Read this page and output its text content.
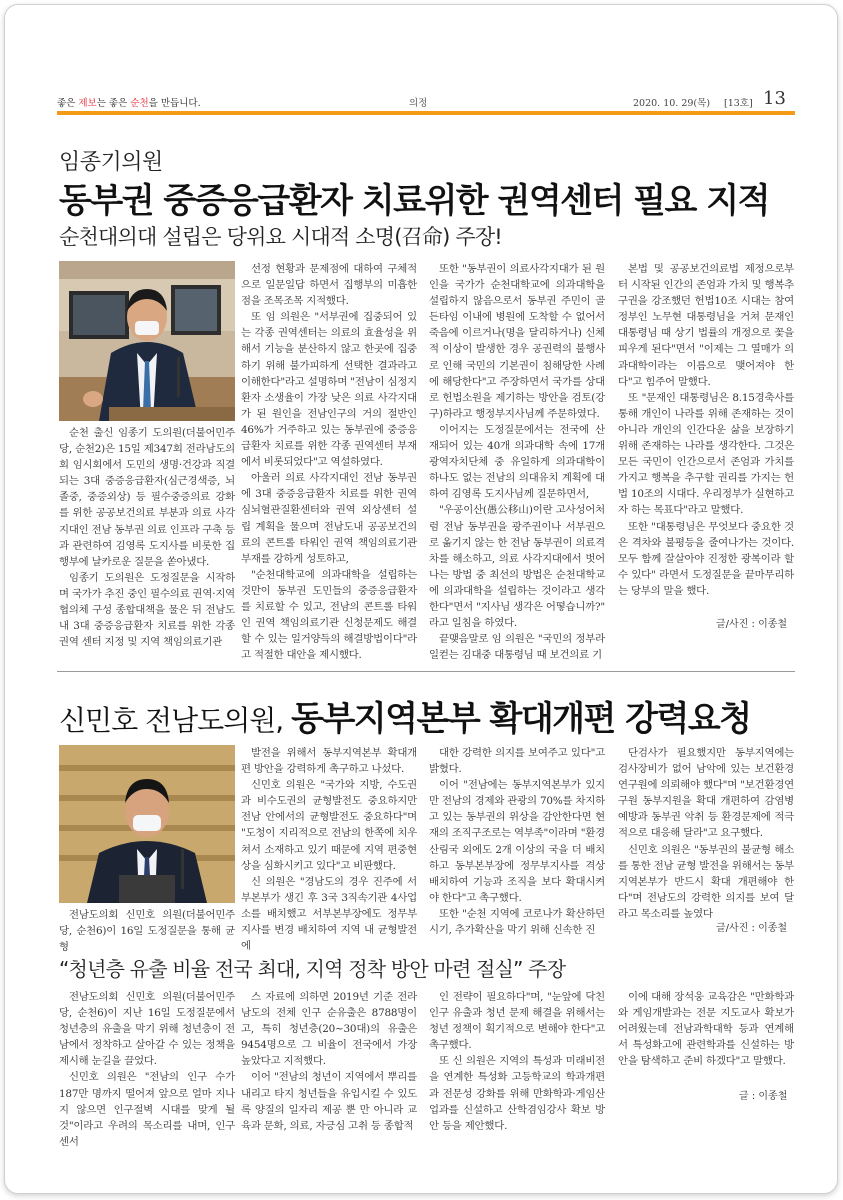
좋은 제보는 좋은 순천을 만듭니다.	의정	2020. 10. 29(목) [13호] 13
임종기의원
동부권 중증응급환자 치료위한 권역센터 필요 지적
순천대의대 설립은 당위요 시대적 소명(召命) 주장!

순천 출신 임종기 도의원(더불어민주당, 순천2)은 15일 제347회 전라남도의회 임시회에서 도민의 생명·건강과 직결되는 3대 중증응급환자(심근경색증, 뇌졸중, 중증외상) 등 필수중증의료 강화를 위한 공공보건의료 부분과 의료 사각지대인 전남 동부권 의료 인프라 구축 등과 관련하여 김영록 도지사를 비롯한 집행부에 날카로운 질문을 쏟아냈다.

임종기 도의원은 도정질문을 시작하며 국가가 추진 중인 필수의료 권역·지역 협의체 구성 종합대책을 물은 뒤 전남도내 3대 중증응급환자 치료를 위한 각종 권역 센터 지정 및 지역 책임의료기관

선정 현황과 문제점에 대하여 구체적으로 일문일답 하면서 집행부의 미흡한 점을 조목조목 지적했다.

또 임 의원은 "서부권에 집중되어 있는 각종 권역센터는 의료의 효율성을 위해서 기능을 분산하지 않고 한곳에 집중하기 위해 불가피하게 선택한 결과라고 이해한다"라고 설명하며 "전남이 심정지환자 소생율이 가장 낮은 의료 사각지대가 된 원인을 전남인구의 거의 절반인 46%가 거주하고 있는 동부권에 중증응급환자 치료를 위한 각종 권역센터 부재에서 비롯되었다"고 역설하였다.

아울러 의료 사각지대인 전남 동부권에 3대 중증응급환자 치료를 위한 권역 심뇌혈관질환센터와 권역 외상센터 설립 계획을 물으며 전남도내 공공보건의료의 콘트롤 타워인 권역 책임의료기관 부재를 강하게 성토하고,

"순천대학교에 의과대학을 설립하는 것만이 동부권 도민들의 중증응급환자를 치료할 수 있고, 전남의 콘트롤 타워인 권역 책임의료기관 신청문제도 해결할 수 있는 일거양득의 해결방법이다"라고 적절한 대안을 제시했다.

또한 "동부권이 의료사각지대가 된 원인을 국가가 순천대학교에 의과대학을 설립하지 않음으로서 동부권 주민이 골든타임 이내에 병원에 도착할 수 없어서 죽음에 이르거나(명을 달리하거나) 신체적 이상이 발생한 경우 공권력의 불행사로 인해 국민의 기본권이 침해당한 사례에 해당한다"고 주장하면서 국가를 상대로 헌법소원을 제기하는 방안을 검토(강구)하라고 행정부지사님께 주문하였다.

이어지는 도정질문에서는 전국에 산재되어 있는 40개 의과대학 속에 17개 광역자치단체 중 유일하게 의과대학이 하나도 없는 전남의 의대유치 계획에 대하여 김영록 도지사님께 질문하면서,

"우공이산(愚公移山)이란 고사성어처럼 전남 동부권을 광주권이나 서부권으로 옮기지 않는 한 전남 동부권이 의료격차를 해소하고, 의료 사각지대에서 벗어나는 방법 중 최선의 방법은 순천대학교에 의과대학을 설립하는 것이라고 생각한다"면서 "지사님 생각은 어떻습니까?" 라고 일침을 하였다.

끝맺음말로 임 의원은 "국민의 정부라 일컫는 김대중 대통령님 때 보건의료 기

본법 및 공공보건의료법 제정으로부터 시작된 인간의 존엄과 가치 및 행복추구권을 강조했던 헌법10조 시대는 참여정부인 노무현 대통령님을 거쳐 문재인 대통령님 때 상기 법률의 개정으로 꽃을 피우게 된다"면서 "이제는 그 열매가 의과대학이라는 이름으로 맺어져야 한다"고 힘주어 말했다.

또 "문재인 대통령님은 8.15경축사를 통해 개인이 나라를 위해 존재하는 것이 아니라 개인의 인간다운 삶을 보장하기 위해 존재하는 나라를 생각한다. 그것은 모든 국민이 인간으로서 존엄과 가치를 가지고 행복을 추구할 권리를 가지는 헌법 10조의 시대다. 우리정부가 실현하고자 하는 목표다"라고 말했다.

또한 "대통령님은 무엇보다 중요한 것은 격차와 불평등을 줄여나가는 것이다. 모두 함께 잘살아야 진정한 광복이라 할 수 있다" 라면서 도정질문을 끝마무리하는 당부의 말을 했다.

글/사진 : 이종철
신민호 전남도의원, 동부지역본부 확대개편 강력요청

전남도의회 신민호 의원(더불어민주당, 순천6)이 16일 도정질문을 통해 균형

발전을 위해서 동부지역본부 확대개편 방안을 강력하게 촉구하고 나섰다.

신민호 의원은 "국가와 지방, 수도권과 비수도권의 균형발전도 중요하지만 전남 안에서의 균형발전도 중요하다"며 "도청이 지리적으로 전남의 한쪽에 치우쳐서 소재하고 있기 때문에 지역 편중현상을 심화시키고 있다"고 비판했다.

신 의원은 "경남도의 경우 진주에 서부본부가 생긴 후 3국 3직속기관 4사업소를 배치했고 서부본부장에도 정무부지사를 변경 배치하여 지역 내 균형발전에

대한 강력한 의지를 보여주고 있다"고 밝혔다.

이어 "전남에는 동부지역본부가 있지만 전남의 경제와 관광의 70%를 차지하고 있는 동부권의 위상을 감안한다면 현재의 조직구조로는 역부족"이라며 "환경산림국 외에도 2개 이상의 국을 더 배치하고 동부본부장에 정무부지사를 격상 배치하여 기능과 조직을 보다 확대시켜야 한다"고 촉구했다.

또한 "순천 지역에 코로나가 확산하던 시기, 추가확산을 막기 위해 신속한 진

단검사가 필요했지만 동부지역에는 검사장비가 없어 남악에 있는 보건환경연구원에 의뢰해야 했다"며 "보건환경연구원 동부지원을 확대 개편하여 감염병 예방과 동부권 악취 등 환경문제에 적극적으로 대응해 달라"고 요구했다.

신민호 의원은 "동부권의 불균형 해소를 통한 전남 균형 발전을 위해서는 동부지역본부가 반드시 확대 개편해야 한다"며 전남도의 강력한 의지를 보여 달라고 목소리를 높였다

글/사진 : 이종철
“청년층 유출 비율 전국 최대, 지역 정착 방안 마련 절실” 주장

전남도의회 신민호 의원(더불어민주당, 순천6)이 지난 16일 도정질문에서 청년층의 유출을 막기 위해 청년층이 전남에서 정착하고 살아갈 수 있는 정책을 제시해 눈길을 끌었다.

신민호 의원은 "전남의 인구 수가 187만 명까지 떨어져 앞으로 얼마 지나지 않으면 인구절벽 시대를 맞게 될 것"이라고 우려의 목소리를 내며, 인구센서

스 자료에 의하면 2019년 기준 전라남도의 전체 인구 순유출은 8788명이고, 특히 청년층(20~30대)의 유출은 9454명으로 그 비율이 전국에서 가장 높았다고 지적했다.

이어 "전남의 청년이 지역에서 뿌리를 내리고 타지 청년들을 유입시킬 수 있도록 양질의 일자리 제공 뿐 만 아니라 교육과 문화, 의료, 자긍심 고취 등 종합적

인 전략이 필요하다"며, "눈앞에 닥친 인구 유출과 청년 문제 해결을 위해서는 청년 정책이 획기적으로 변해야 한다"고 촉구했다.

또 신 의원은 지역의 특성과 미래비전을 연계한 특성화 고등학교의 학과개편과 전문성 강화를 위해 만화학과·게임산업과를 신설하고 산학겸임강사 확보 방안 등을 제안했다.

이에 대해 장석웅 교육감은 "만화학과와 게임개발과는 전문 지도교사 확보가 어려웠는데 전남과학대학 등과 연계해서 특성화고에 관련학과를 신설하는 방안을 탐색하고 준비 하겠다"고 말했다.

글 : 이종철
